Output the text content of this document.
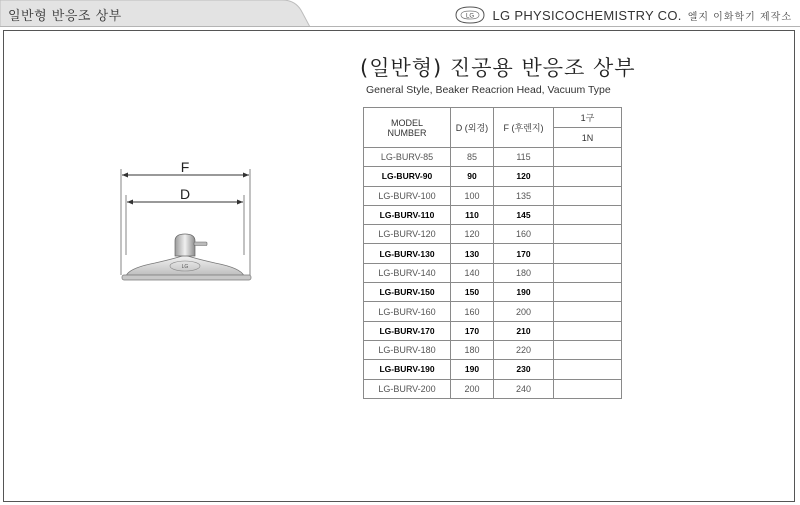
일반형 반응조 상부	LG LG PHYSICOCHEMISTRY CO. 엘지 이화학기 제작소
(일반형) 진공용 반응조 상부
General Style, Beaker Reacrion Head, Vacuum Type
F
D
LG
MODEL
NUMBER	D (외경)	F (후렌지)	1구
			1N
LG-BURV-85	85	115	
LG-BURV-90	90	120	
LG-BURV-100	100	135	
LG-BURV-110	110	145	
LG-BURV-120	120	160	
LG-BURV-130	130	170	
LG-BURV-140	140	180	
LG-BURV-150	150	190	
LG-BURV-160	160	200	
LG-BURV-170	170	210	
LG-BURV-180	180	220	
LG-BURV-190	190	230	
LG-BURV-200	200	240	
